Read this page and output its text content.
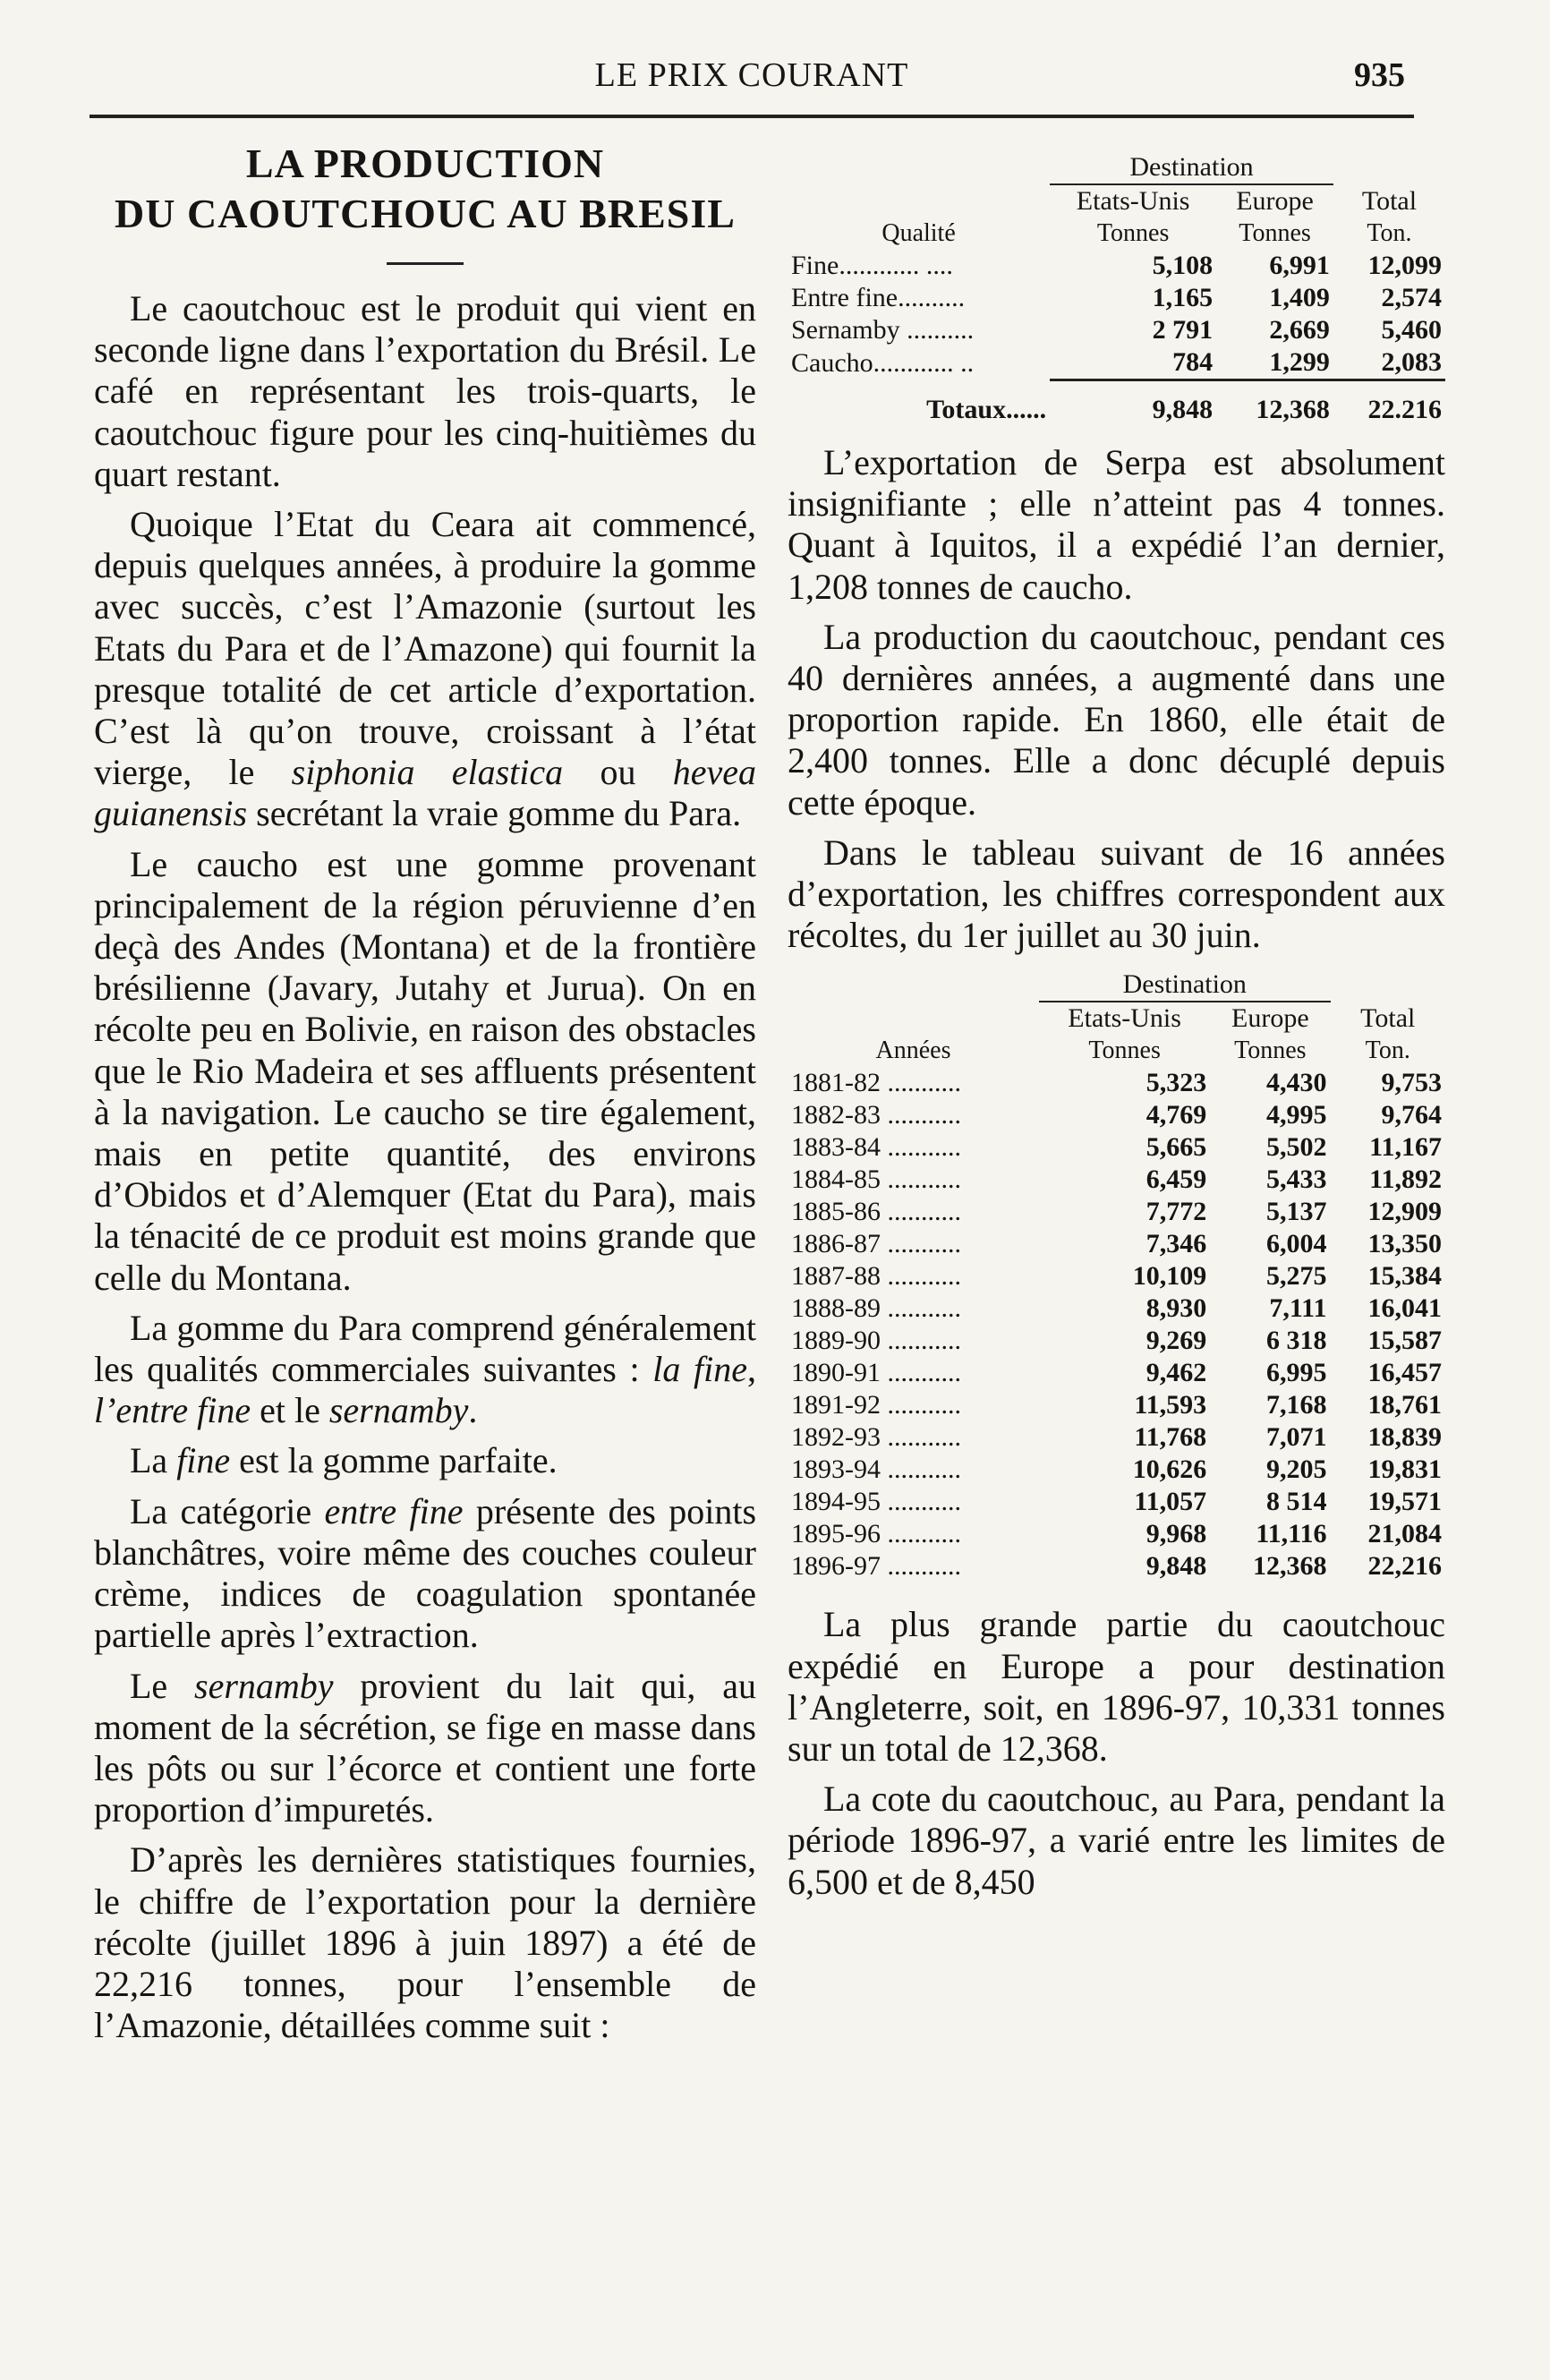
LE PRIX COURANT	935
LA PRODUCTION
DU CAOUTCHOUC AU BRESIL

Le caoutchouc est le produit qui vient en seconde ligne dans l’exportation du Brésil. Le café en représentant les trois-quarts, le caoutchouc figure pour les cinq-huitièmes du quart restant.

Quoique l’Etat du Ceara ait commencé, depuis quelques années, à produire la gomme avec succès, c’est l’Amazonie (surtout les Etats du Para et de l’Amazone) qui fournit la presque totalité de cet article d’exportation. C’est là qu’on trouve, croissant à l’état vierge, le siphonia elastica ou hevea guianensis secrétant la vraie gomme du Para.

Le caucho est une gomme provenant principalement de la région péruvienne d’en deçà des Andes (Montana) et de la frontière brésilienne (Javary, Jutahy et Jurua). On en récolte peu en Bolivie, en raison des obstacles que le Rio Madeira et ses affluents présentent à la navigation. Le caucho se tire également, mais en petite quantité, des environs d’Obidos et d’Alemquer (Etat du Para), mais la ténacité de ce produit est moins grande que celle du Montana.

La gomme du Para comprend généralement les qualités commerciales suivantes : la fine, l’entre fine et le sernamby.

La fine est la gomme parfaite.

La catégorie entre fine présente des points blanchâtres, voire même des couches couleur crème, indices de coagulation spontanée partielle après l’extraction.

Le sernamby provient du lait qui, au moment de la sécrétion, se fige en masse dans les pôts ou sur l’écorce et contient une forte proportion d’impuretés.

D’après les dernières statistiques fournies, le chiffre de l’exportation pour la dernière récolte (juillet 1896 à juin 1897) a été de 22,216 tonnes, pour l’ensemble de l’Amazonie, détaillées comme suit :

	Destination		
	Etats-Unis	Europe	Total
Qualité	Tonnes	Tonnes	Ton.
Fine............ ....	5,108	6,991	12,099
Entre fine..........	1,165	1,409	2,574
Sernamby ..........	2 791	2,669	5,460
Caucho............ ..	784	1,299	2,083

Totaux......	9,848	12,368	22.216

L’exportation de Serpa est absolument insignifiante ; elle n’atteint pas 4 tonnes. Quant à Iquitos, il a expédié l’an dernier, 1,208 tonnes de caucho.

La production du caoutchouc, pendant ces 40 dernières années, a augmenté dans une proportion rapide. En 1860, elle était de 2,400 tonnes. Elle a donc décuplé depuis cette époque.

Dans le tableau suivant de 16 années d’exportation, les chiffres correspondent aux récoltes, du 1er juillet au 30 juin.

	Destination		
	Etats-Unis	Europe	Total
Années	Tonnes	Tonnes	Ton.
1881-82 ...........	5,323	4,430	9,753
1882-83 ...........	4,769	4,995	9,764
1883-84 ...........	5,665	5,502	11,167
1884-85 ...........	6,459	5,433	11,892
1885-86 ...........	7,772	5,137	12,909
1886-87 ...........	7,346	6,004	13,350
1887-88 ...........	10,109	5,275	15,384
1888-89 ...........	8,930	7,111	16,041
1889-90 ...........	9,269	6 318	15,587
1890-91 ...........	9,462	6,995	16,457
1891-92 ...........	11,593	7,168	18,761
1892-93 ...........	11,768	7,071	18,839
1893-94 ...........	10,626	9,205	19,831
1894-95 ...........	11,057	8 514	19,571
1895-96 ...........	9,968	11,116	21,084
1896-97 ...........	9,848	12,368	22,216

La plus grande partie du caoutchouc expédié en Europe a pour destination l’Angleterre, soit, en 1896-97, 10,331 tonnes sur un total de 12,368.

La cote du caoutchouc, au Para, pendant la période 1896-97, a varié entre les limites de 6,500 et de 8,450
